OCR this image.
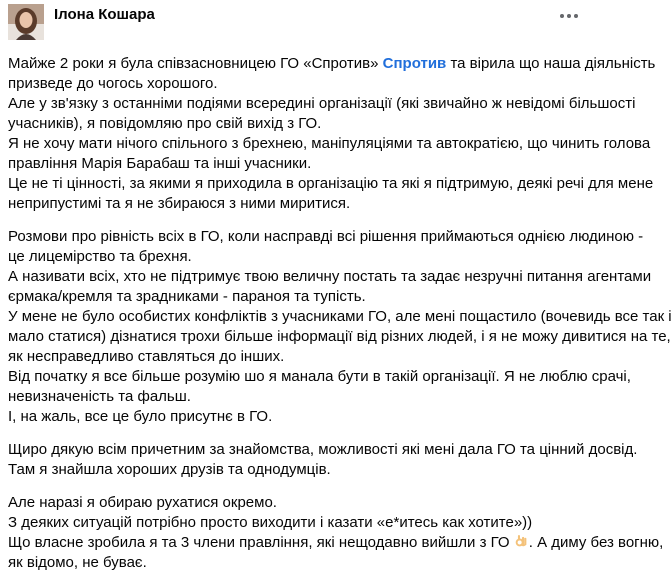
Ілона Кошара
Майже 2 роки я була співзасновницею ГО «Спротив» Спротив та вірила що наша діяльність
призведе до чогось хорошого.
Але у зв'язку з останніми подіями всередині організації (які звичайно ж невідомі більшості
учасників), я повідомляю про свій вихід з ГО.
Я не хочу мати нічого спільного з брехнею, маніпуляціями та автократією, що чинить голова
правління Марія Барабаш та інші учасники.
Це не ті цінності, за якими я приходила в організацію та які я підтримую, деякі речі для мене
неприпустимі та я не збираюся з ними миритися.
Розмови про рівність всіх в ГО, коли насправді всі рішення приймаються однією людиною -
це лицемірство та брехня.
А називати всіх, хто не підтримує твою величну постать та задає незручні питання агентами
єрмака/кремля та зрадниками - параноя та тупість.
У мене не було особистих конфліктів з учасниками ГО, але мені пощастило (вочевидь все так і
мало статися) дізнатися трохи більше інформації від різних людей, і я не можу дивитися на те,
як несправедливо ставляться до інших.
Від початку я все більше розумію шо я манала бути в такій організації. Я не люблю срачі,
невизначеність та фальш.
І, на жаль, все це було присутнє в ГО.
Щиро дякую всім причетним за знайомства, можливості які мені дала ГО та цінний досвід.
Там я знайшла хороших друзів та однодумців.
Але наразі я обираю рухатися окремо.
З деяких ситуацій потрібно просто виходити і казати «е*итесь как хотите»))
Що власне зробила я та 3 члени правління, які нещодавно вийшли з ГО . А диму без вогню,
як відомо, не буває.
